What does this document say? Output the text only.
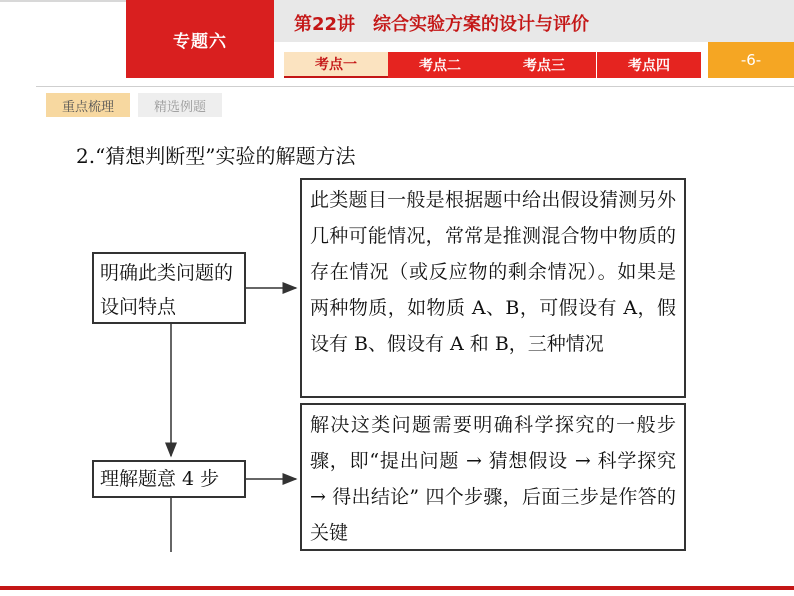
专题六
第22讲　综合实验方案的设计与评价
考点一	考点二	考点三	考点四	-6-
重点梳理	精选例题
2.“猜想判断型”实验的解题方法
明确此类问题的设问特点
理解题意 4 步
此类题目一般是根据题中给出假设猜测另外几种可能情况，常常是推测混合物中物质的存在情况（或反应物的剩余情况）。如果是两种物质，如物质 A、B，可假设有 A，假设有 B、假设有 A 和 B，三种情况
解决这类问题需要明确科学探究的一般步骤，即“提出问题 → 猜想假设 → 科学探究 → 得出结论” 四个步骤，后面三步是作答的关键
